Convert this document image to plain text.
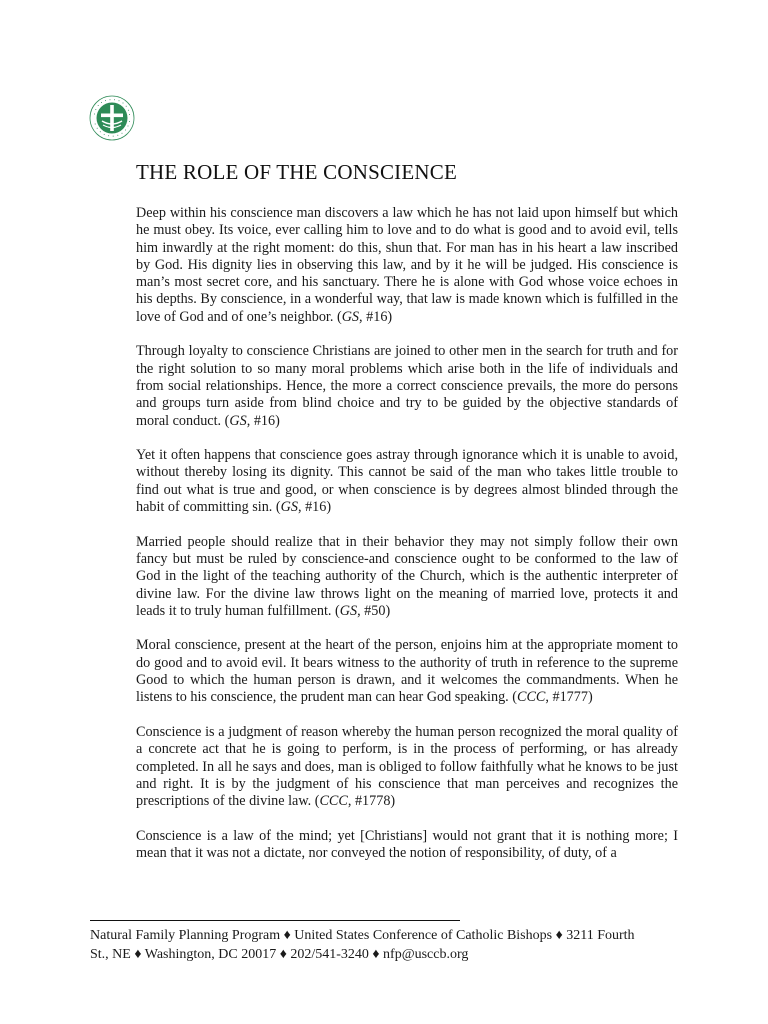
THE ROLE OF THE CONSCIENCE

Deep within his conscience man discovers a law which he has not laid upon himself but which he must obey. Its voice, ever calling him to love and to do what is good and to avoid evil, tells him inwardly at the right moment: do this, shun that. For man has in his heart a law inscribed by God. His dignity lies in observing this law, and by it he will be judged. His conscience is man’s most secret core, and his sanctuary. There he is alone with God whose voice echoes in his depths. By conscience, in a wonderful way, that law is made known which is fulfilled in the love of God and of one’s neighbor. (GS, #16)

Through loyalty to conscience Christians are joined to other men in the search for truth and for the right solution to so many moral problems which arise both in the life of individuals and from social relationships. Hence, the more a correct conscience prevails, the more do persons and groups turn aside from blind choice and try to be guided by the objective standards of moral conduct. (GS, #16)

Yet it often happens that conscience goes astray through ignorance which it is unable to avoid, without thereby losing its dignity. This cannot be said of the man who takes little trouble to find out what is true and good, or when conscience is by degrees almost blinded through the habit of committing sin. (GS, #16)

Married people should realize that in their behavior they may not simply follow their own fancy but must be ruled by conscience-and conscience ought to be conformed to the law of God in the light of the teaching authority of the Church, which is the authentic interpreter of divine law. For the divine law throws light on the meaning of married love, protects it and leads it to truly human fulfillment. (GS, #50)

Moral conscience, present at the heart of the person, enjoins him at the appropriate moment to do good and to avoid evil. It bears witness to the authority of truth in reference to the supreme Good to which the human person is drawn, and it welcomes the commandments. When he listens to his conscience, the prudent man can hear God speaking. (CCC, #1777)

Conscience is a judgment of reason whereby the human person recognized the moral quality of a concrete act that he is going to perform, is in the process of performing, or has already completed. In all he says and does, man is obliged to follow faithfully what he knows to be just and right. It is by the judgment of his conscience that man perceives and recognizes the prescriptions of the divine law. (CCC, #1778)

Conscience is a law of the mind; yet [Christians] would not grant that it is nothing more; I mean that it was not a dictate, nor conveyed the notion of responsibility, of duty, of a

Natural Family Planning Program ♦ United States Conference of Catholic Bishops ♦ 3211 Fourth
St., NE ♦ Washington, DC 20017 ♦ 202/541-3240 ♦ nfp@usccb.org
